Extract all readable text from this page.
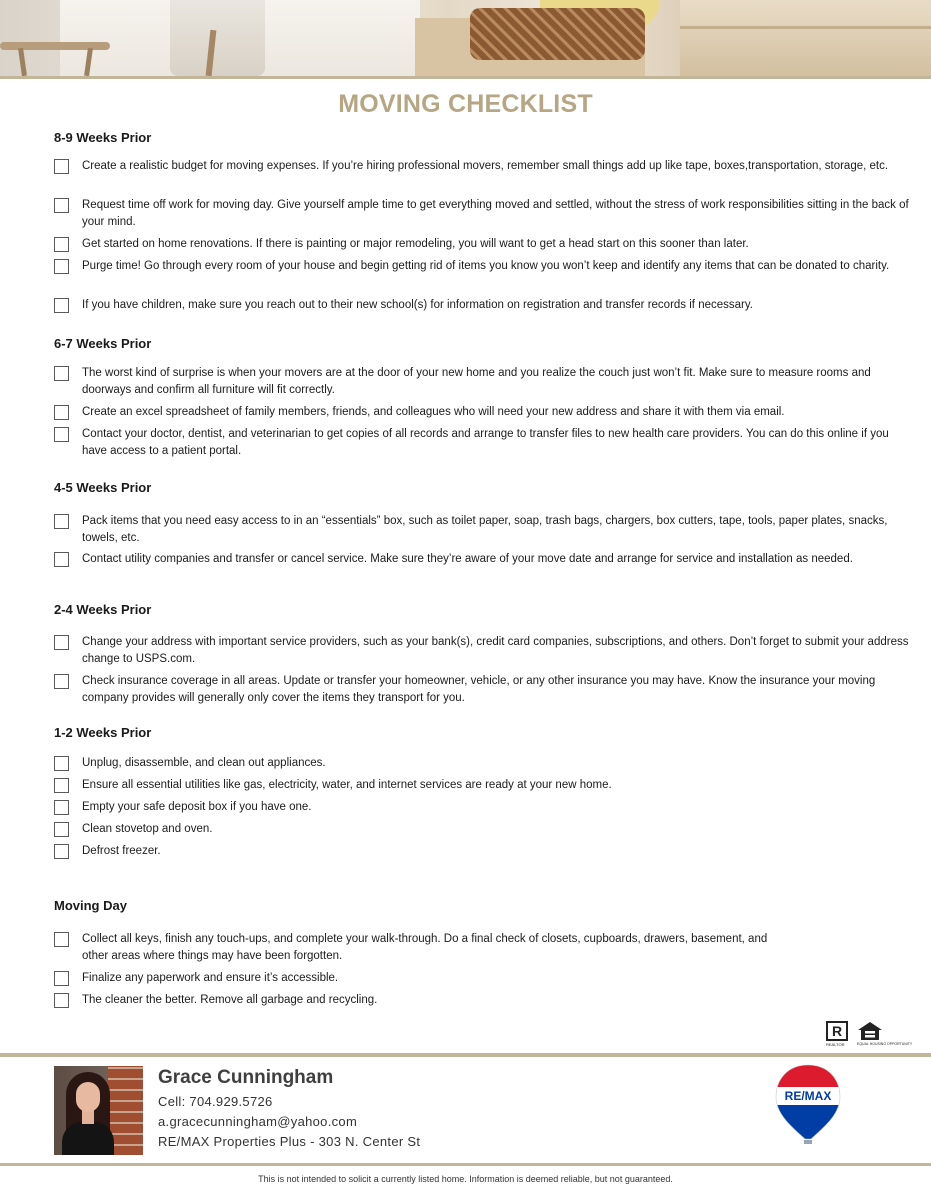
MOVING CHECKLIST
8-9 Weeks Prior
Create a realistic budget for moving expenses. If you’re hiring professional movers, remember small things add up like tape, boxes,transportation, storage, etc.
Request time off work for moving day. Give yourself ample time to get everything moved and settled, without the stress of work responsibilities sitting in the back of your mind.
Get started on home renovations. If there is painting or major remodeling, you will want to get a head start on this sooner than later.
Purge time! Go through every room of your house and begin getting rid of items you know you won’t keep and identify any items that can be donated to charity.
If you have children, make sure you reach out to their new school(s) for information on registration and transfer records if necessary.
6-7 Weeks Prior
The worst kind of surprise is when your movers are at the door of your new home and you realize the couch just won’t fit. Make sure to measure rooms and doorways and confirm all furniture will fit correctly.
Create an excel spreadsheet of family members, friends, and colleagues who will need your new address and share it with them via email.
Contact your doctor, dentist, and veterinarian to get copies of all records and arrange to transfer files to new health care providers. You can do this online if you have access to a patient portal.
4-5 Weeks Prior
Pack items that you need easy access to in an “essentials” box, such as toilet paper, soap, trash bags, chargers, box cutters, tape, tools, paper plates, snacks, towels, etc.
Contact utility companies and transfer or cancel service. Make sure they’re aware of your move date and arrange for service and installation as needed.
2-4 Weeks Prior
Change your address with important service providers, such as your bank(s), credit card companies, subscriptions, and others. Don’t forget to submit your address change to USPS.com.
Check insurance coverage in all areas. Update or transfer your homeowner, vehicle, or any other insurance you may have. Know the insurance your moving company provides will generally only cover the items they transport for you.
1-2 Weeks Prior
Unplug, disassemble, and clean out appliances.
Ensure all essential utilities like gas, electricity, water, and internet services are ready at your new home.
Empty your safe deposit box if you have one.
Clean stovetop and oven.
Defrost freezer.
Moving Day
Collect all keys, finish any touch-ups, and complete your walk-through. Do a final check of closets, cupboards, drawers, basement, and other areas where things may have been forgotten.
Finalize any paperwork and ensure it’s accessible.
The cleaner the better. Remove all garbage and recycling.
R
REALTOR	EQUAL HOUSING OPPORTUNITY
Grace Cunningham
Cell: 704.929.5726
a.gracecunningham@yahoo.com
RE/MAX Properties Plus - 303 N. Center St
RE/MAX
This is not intended to solicit a currently listed home. Information is deemed reliable, but not guaranteed.
